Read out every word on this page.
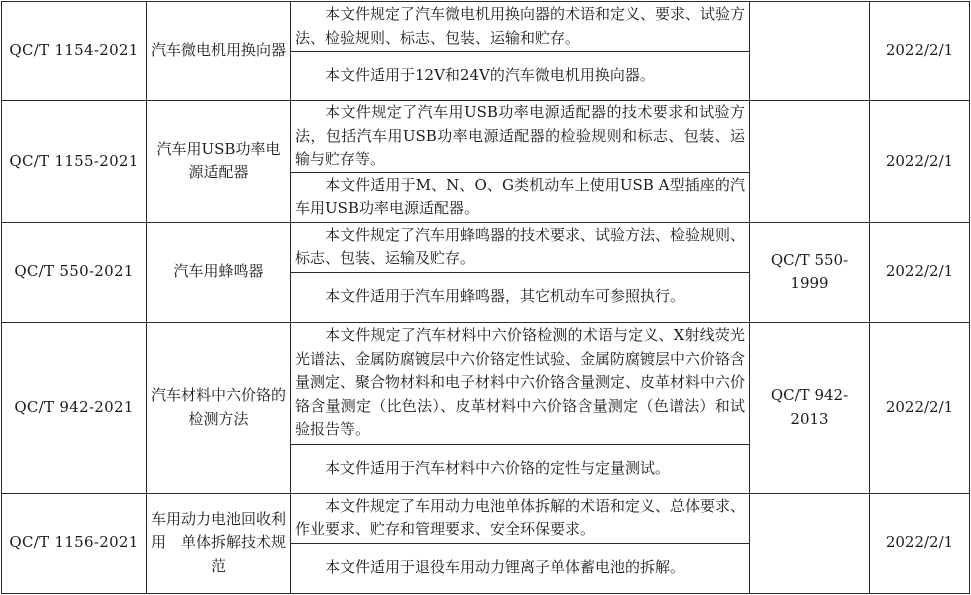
QC/T 1154-2021	汽车微电机用换向器	本文件规定了汽车微电机用换向器的术语和定义、要求、试验方法、检验规则、标志、包装、运输和贮存。		2022/2/1
		本文件适用于12V和24V的汽车微电机用换向器。		
QC/T 1155-2021	汽车用USB功率电源适配器	本文件规定了汽车用USB功率电源适配器的技术要求和试验方法，包括汽车用USB功率电源适配器的检验规则和标志、包装、运输与贮存等。		2022/2/1
		本文件适用于M、N、O、G类机动车上使用USB A型插座的汽车用USB功率电源适配器。		
QC/T 550-2021	汽车用蜂鸣器	本文件规定了汽车用蜂鸣器的技术要求、试验方法、检验规则、标志、包装、运输及贮存。	QC/T 550-1999	2022/2/1
		本文件适用于汽车用蜂鸣器，其它机动车可参照执行。		
QC/T 942-2021	汽车材料中六价铬的检测方法	本文件规定了汽车材料中六价铬检测的术语与定义、X射线荧光光谱法、金属防腐镀层中六价铬定性试验、金属防腐镀层中六价铬含量测定、聚合物材料和电子材料中六价铬含量测定、皮革材料中六价铬含量测定（比色法）、皮革材料中六价铬含量测定（色谱法）和试验报告等。	QC/T 942-2013	2022/2/1
		本文件适用于汽车材料中六价铬的定性与定量测试。		
QC/T 1156-2021	车用动力电池回收利用　单体拆解技术规范	本文件规定了车用动力电池单体拆解的术语和定义、总体要求、作业要求、贮存和管理要求、安全环保要求。		2022/2/1
		本文件适用于退役车用动力锂离子单体蓄电池的拆解。		
